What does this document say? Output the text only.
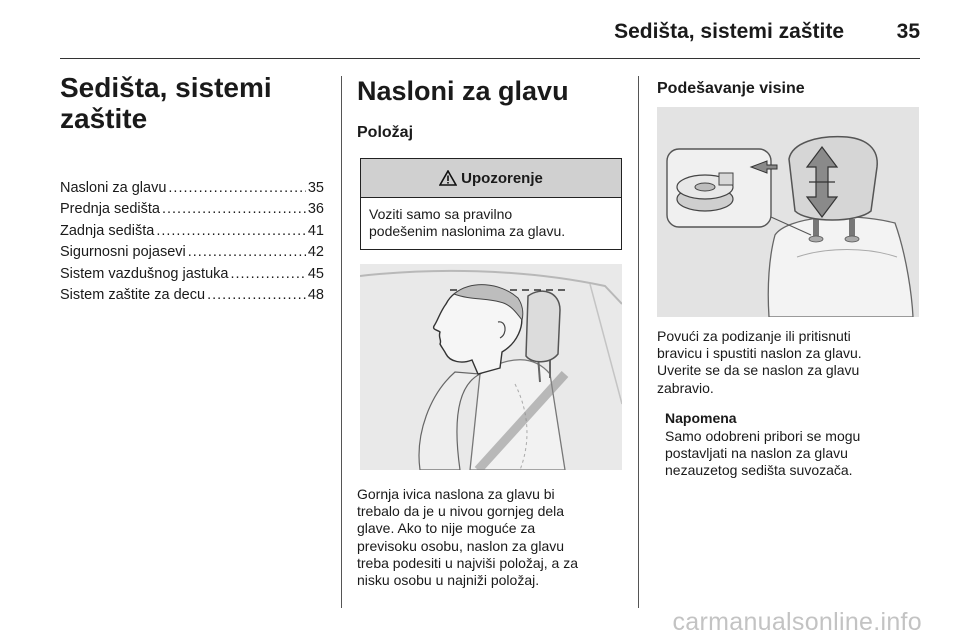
Sedišta, sistemi zaštite	35
Sedišta, sistemi
zaštite
Nasloni za glavu .....	35
Prednja sedišta .....	36
Zadnja sedišta .....	41
Sigurnosni pojasevi .....	42
Sistem vazdušnog jastuka .....	45
Sistem zaštite za decu .....	48
Nasloni za glavu
Položaj
Upozorenje
Voziti samo sa pravilno
podešenim naslonima za glavu.

Gornja ivica naslona za glavu bi
trebalo da je u nivou gornjeg dela
glave. Ako to nije moguće za
previsoku osobu, naslon za glavu
treba podesiti u najviši položaj, a za
nisku osobu u najniži položaj.

Podešavanje visine

Povući za podizanje ili pritisnuti
bravicu i spustiti naslon za glavu.
Uverite se da se naslon za glavu
zabravio.

Napomena

Samo odobreni pribori se mogu
postavljati na naslon za glavu
nezauzetog sedišta suvozača.

carmanualsonline.info
